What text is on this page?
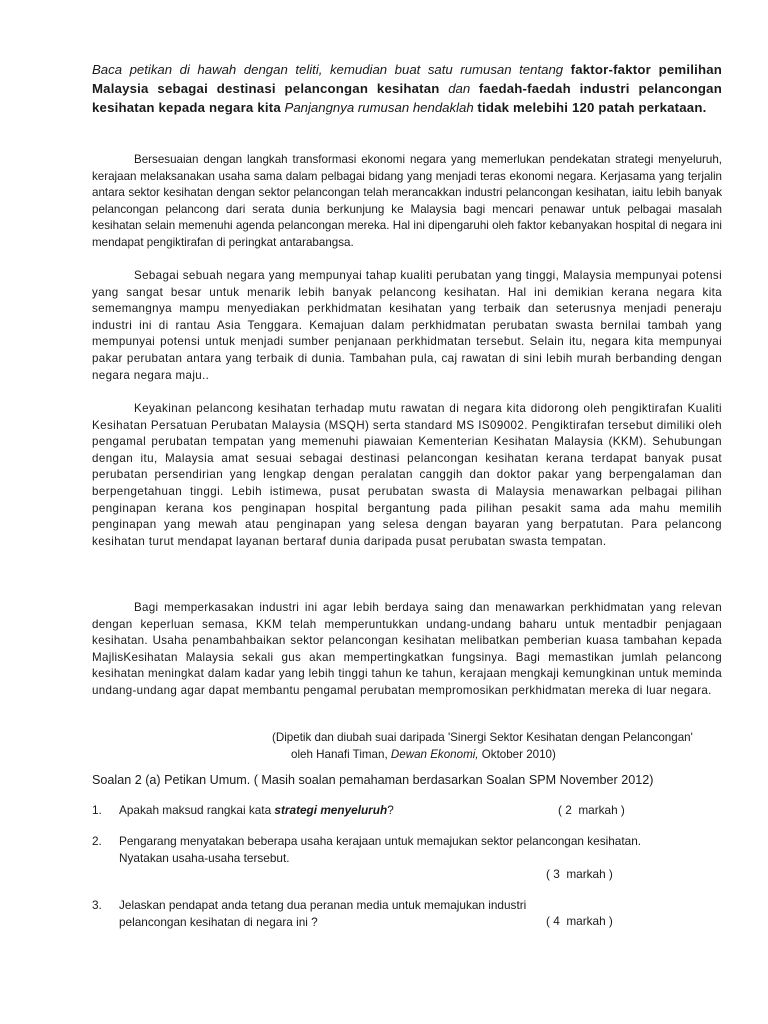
Baca petikan di hawah dengan teliti, kemudian buat satu rumusan tentang faktor-faktor pemilihan Malaysia sebagai destinasi pelancongan kesihatan dan faedah-faedah industri pelancongan kesihatan kepada negara kita Panjangnya rumusan hendaklah tidak melebihi 120 patah perkataan.

Bersesuaian dengan langkah transformasi ekonomi negara yang memerlukan pendekatan strategi menyeluruh, kerajaan melaksanakan usaha sama dalam pelbagai bidang yang menjadi teras ekonomi negara. Kerjasama yang terjalin antara sektor kesihatan dengan sektor pelancongan telah merancakkan industri pelancongan kesihatan, iaitu lebih banyak pelancongan pelancong dari serata dunia berkunjung ke Malaysia bagi mencari penawar untuk pelbagai masalah kesihatan selain memenuhi agenda pelancongan mereka. Hal ini dipengaruhi oleh faktor kebanyakan hospital di negara ini mendapat pengiktirafan di peringkat antarabangsa.

Sebagai sebuah negara yang mempunyai tahap kualiti perubatan yang tinggi, Malaysia mempunyai potensi yang sangat besar untuk menarik lebih banyak pelancong kesihatan. Hal ini demikian kerana negara kita sememangnya mampu menyediakan perkhidmatan kesihatan yang terbaik dan seterusnya menjadi peneraju industri ini di rantau Asia Tenggara. Kemajuan dalam perkhidmatan perubatan swasta bernilai tambah yang mempunyai potensi untuk menjadi sumber penjanaan perkhidmatan tersebut. Selain itu, negara kita mempunyai pakar perubatan antara yang terbaik di dunia. Tambahan pula, caj rawatan di sini lebih murah berbanding dengan negara negara maju..

Keyakinan pelancong kesihatan terhadap mutu rawatan di negara kita didorong oleh pengiktirafan Kualiti Kesihatan Persatuan Perubatan Malaysia (MSQH) serta standard MS IS09002. Pengiktirafan tersebut dimiliki oleh pengamal perubatan tempatan yang memenuhi piawaian Kementerian Kesihatan Malaysia (KKM). Sehubungan dengan itu, Malaysia amat sesuai sebagai destinasi pelancongan kesihatan kerana terdapat banyak pusat perubatan persendirian yang lengkap dengan peralatan canggih dan doktor pakar yang berpengalaman dan berpengetahuan tinggi. Lebih istimewa, pusat perubatan swasta di Malaysia menawarkan pelbagai pilihan penginapan kerana kos penginapan hospital bergantung pada pilihan pesakit sama ada mahu memilih penginapan yang mewah atau penginapan yang selesa dengan bayaran yang berpatutan. Para pelancong kesihatan turut mendapat layanan bertaraf dunia daripada pusat perubatan swasta tempatan.

Bagi memperkasakan industri ini agar lebih berdaya saing dan menawarkan perkhidmatan yang relevan dengan keperluan semasa, KKM telah memperuntukkan undang-undang baharu untuk mentadbir penjagaan kesihatan. Usaha penambahbaikan sektor pelancongan kesihatan melibatkan pemberian kuasa tambahan kepada MajlisKesihatan Malaysia sekali gus akan mempertingkatkan fungsinya. Bagi memastikan jumlah pelancong kesihatan meningkat dalam kadar yang lebih tinggi tahun ke tahun, kerajaan mengkaji kemungkinan untuk meminda undang-undang agar dapat membantu pengamal perubatan mempromosikan perkhidmatan mereka di luar negara.

(Dipetik dan diubah suai daripada 'Sinergi Sektor Kesihatan dengan Pelancongan'
oleh Hanafi Timan, Dewan Ekonomi, Oktober 2010)
Soalan 2 (a) Petikan Umum. ( Masih soalan pemahaman berdasarkan Soalan SPM November 2012)
1. Apakah maksud rangkai kata strategi menyeluruh?	( 2  markah )
2. Pengarang menyatakan beberapa usaha kerajaan untuk memajukan sektor pelancongan kesihatan.
Nyatakan usaha-usaha tersebut.
( 3  markah )
3. Jelaskan pendapat anda tetang dua peranan media untuk memajukan industri pelancongan kesihatan di negara ini ?	( 4  markah )
